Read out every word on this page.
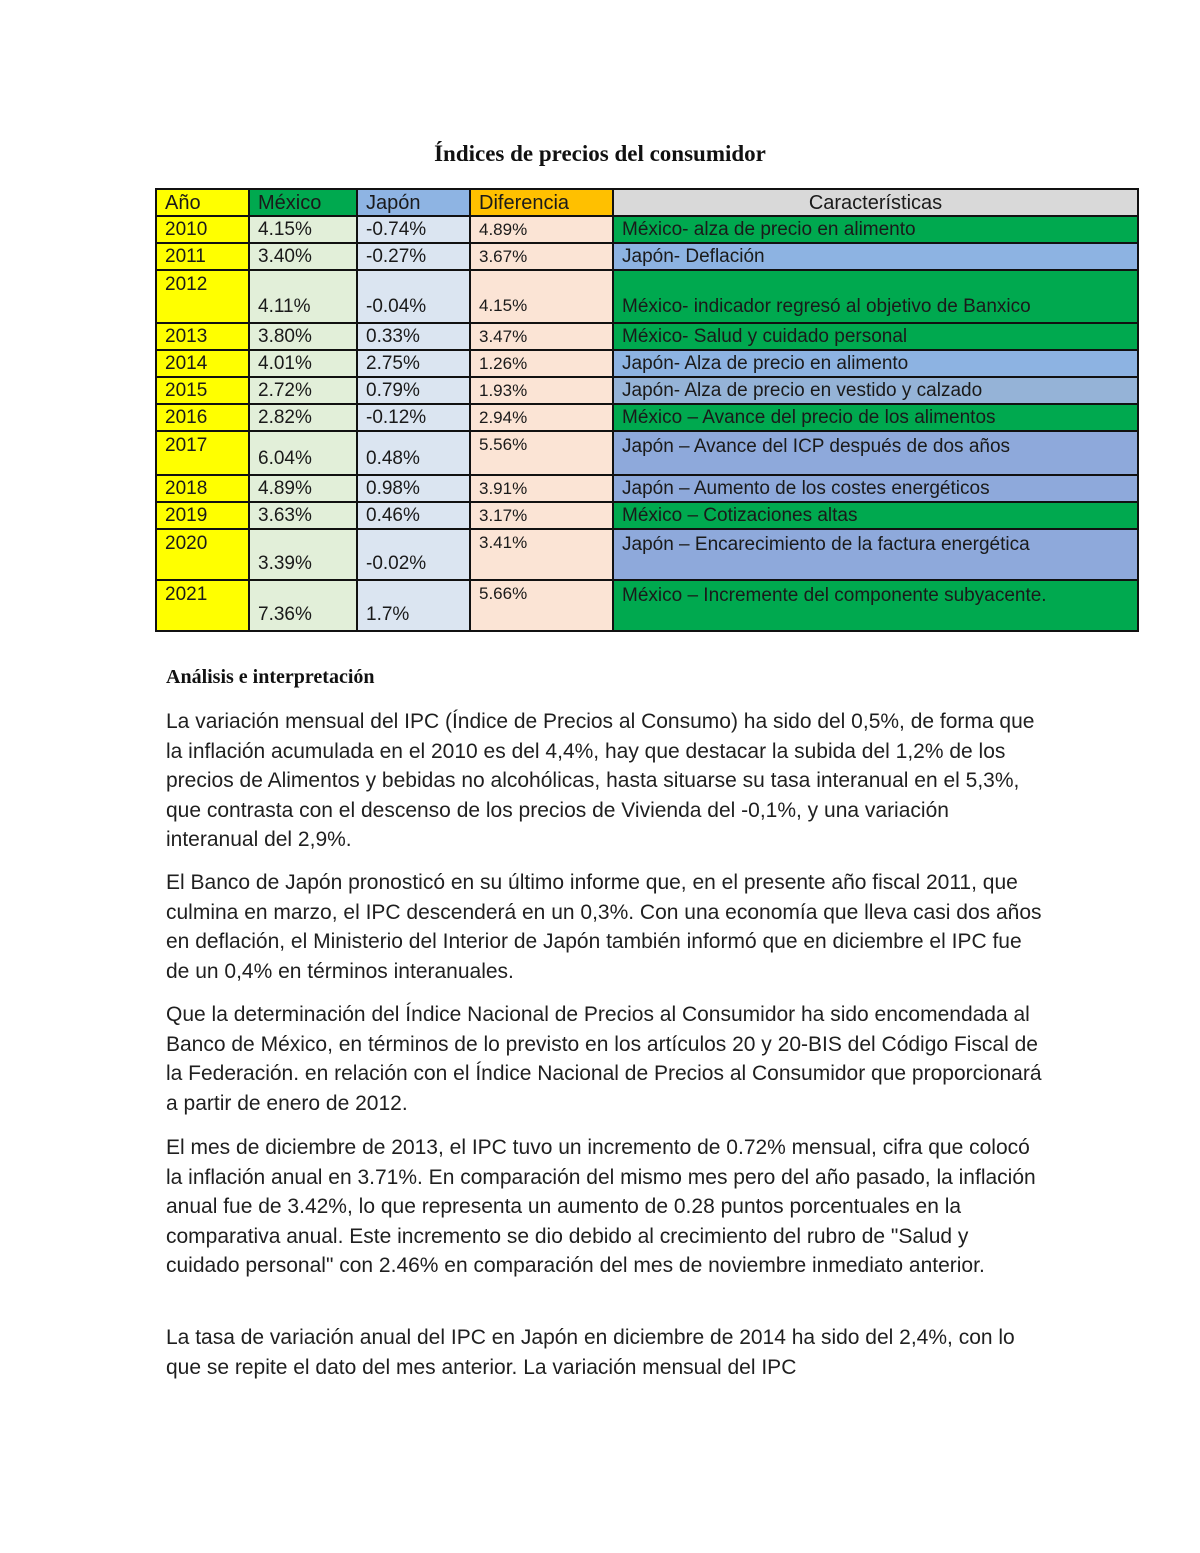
Índices de precios del consumidor
Año	México	Japón	Diferencia	Características
2010	4.15%	-0.74%	4.89%	México- alza de precio en alimento
2011	3.40%	-0.27%	3.67%	Japón- Deflación
2012	4.11%	-0.04%	4.15%	México- indicador regresó al objetivo de Banxico
2013	3.80%	0.33%	3.47%	México- Salud y cuidado personal
2014	4.01%	2.75%	1.26%	Japón- Alza de precio en alimento
2015	2.72%	0.79%	1.93%	Japón- Alza de precio en vestido y calzado
2016	2.82%	-0.12%	2.94%	México – Avance del precio de los alimentos
2017	6.04%	0.48%	5.56%	Japón – Avance del ICP después de dos años
2018	4.89%	0.98%	3.91%	Japón – Aumento de los costes energéticos
2019	3.63%	0.46%	3.17%	México – Cotizaciones altas
2020	3.39%	-0.02%	3.41%	Japón – Encarecimiento de la factura energética
2021	7.36%	1.7%	5.66%	México – Incremente del componente subyacente.
Análisis e interpretación

La variación mensual del IPC (Índice de Precios al Consumo) ha sido del 0,5%, de forma que la inflación acumulada en el 2010 es del 4,4%, hay que destacar la subida del 1,2% de los precios de Alimentos y bebidas no alcohólicas, hasta situarse su tasa interanual en el 5,3%, que contrasta con el descenso de los precios de Vivienda del -0,1%, y una variación interanual del 2,9%.

El Banco de Japón pronosticó en su último informe que, en el presente año fiscal 2011, que culmina en marzo, el IPC descenderá en un 0,3%. Con una economía que lleva casi dos años en deflación, el Ministerio del Interior de Japón también informó que en diciembre el IPC fue de un 0,4% en términos interanuales.

Que la determinación del Índice Nacional de Precios al Consumidor ha sido encomendada al Banco de México, en términos de lo previsto en los artículos 20 y 20-BIS del Código Fiscal de la Federación. en relación con el Índice Nacional de Precios al Consumidor que proporcionará a partir de enero de 2012.

El mes de diciembre de 2013, el IPC tuvo un incremento de 0.72% mensual, cifra que colocó la inflación anual en 3.71%. En comparación del mismo mes pero del año pasado, la inflación anual fue de 3.42%, lo que representa un aumento de 0.28 puntos porcentuales en la comparativa anual. Este incremento se dio debido al crecimiento del rubro de "Salud y cuidado personal" con 2.46% en comparación del mes de noviembre inmediato anterior.

La tasa de variación anual del IPC en Japón en diciembre de 2014 ha sido del 2,4%, con lo que se repite el dato del mes anterior. La variación mensual del IPC
